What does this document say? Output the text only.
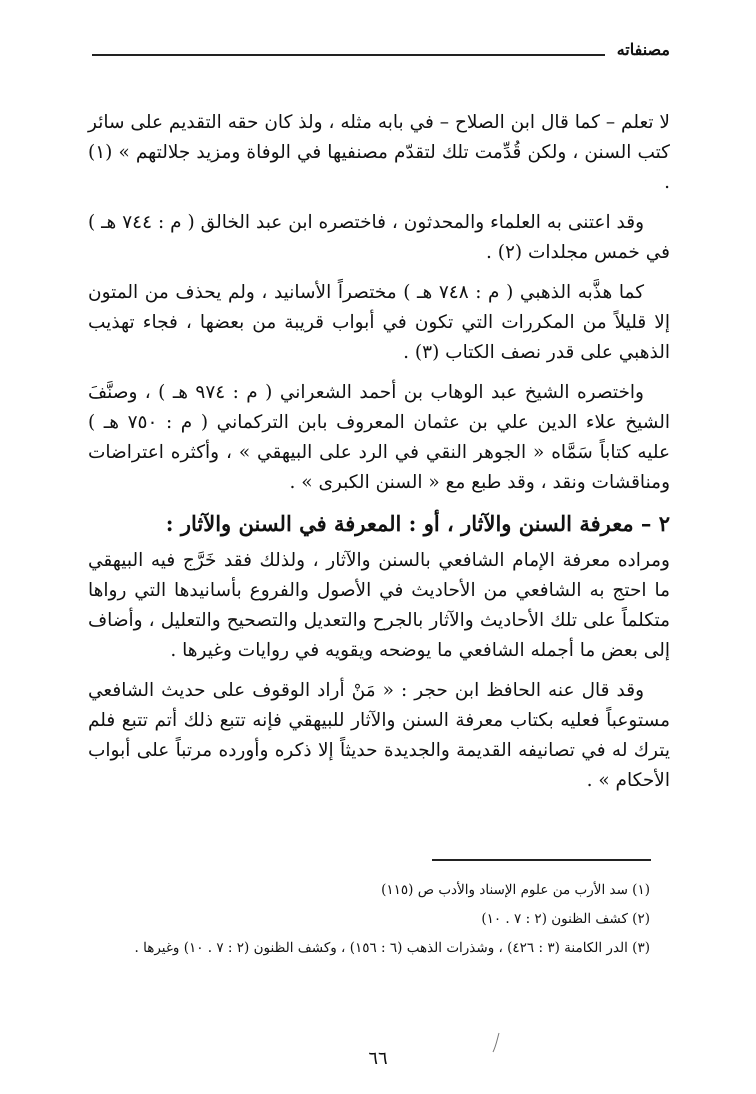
مصنفاته

لا تعلم – كما قال ابن الصلاح – في بابه مثله ، ولذ كان حقه التقديم على سائر كتب السنن ، ولكن قُدِّمت تلك لتقدّم مصنفيها في الوفاة ومزيد جلالتهم » (١) .

وقد اعتنى به العلماء والمحدثون ، فاختصره ابن عبد الخالق ( م : ٧٤٤ هـ ) في خمس مجلدات (٢) .

كما هذَّبه الذهبي ( م : ٧٤٨ هـ ) مختصراً الأسانيد ، ولم يحذف من المتون إلا قليلاً من المكررات التي تكون في أبواب قريبة من بعضها ، فجاء تهذيب الذهبي على قدر نصف الكتاب (٣) .

واختصره الشيخ عبد الوهاب بن أحمد الشعراني ( م : ٩٧٤ هـ ) ، وصنَّفَ الشيخ علاء الدين علي بن عثمان المعروف بابن التركماني ( م : ٧٥٠ هـ ) عليه كتاباً سَمَّاه « الجوهر النقي في الرد على البيهقي » ، وأكثره اعتراضات ومناقشات ونقد ، وقد طبع مع « السنن الكبرى » .

٢ – معرفة السنن والآثار ، أو : المعرفة في السنن والآثار :

ومراده معرفة الإمام الشافعي بالسنن والآثار ، ولذلك فقد خَرَّج فيه البيهقي ما احتج به الشافعي من الأحاديث في الأصول والفروع بأسانيدها التي رواها متكلماً على تلك الأحاديث والآثار بالجرح والتعديل والتصحيح والتعليل ، وأضاف إلى بعض ما أجمله الشافعي ما يوضحه ويقويه في روايات وغيرها .

وقد قال عنه الحافظ ابن حجر : « مَنْ أراد الوقوف على حديث الشافعي مستوعباً فعليه بكتاب معرفة السنن والآثار للبيهقي فإنه تتبع ذلك أتم تتبع فلم يترك له في تصانيفه القديمة والجديدة حديثاً إلا ذكره وأورده مرتباً على أبواب الأحكام » .

(١) سد الأرب من علوم الإسناد والأدب ص (١١٥)

(٢) كشف الظنون (٢ : ٧ . ١٠)

(٣) الدر الكامنة (٣ : ٤٢٦) ، وشذرات الذهب (٦ : ١٥٦) ، وكشف الظنون (٢ : ٧ . ١٠) وغيرها .

٦٦
